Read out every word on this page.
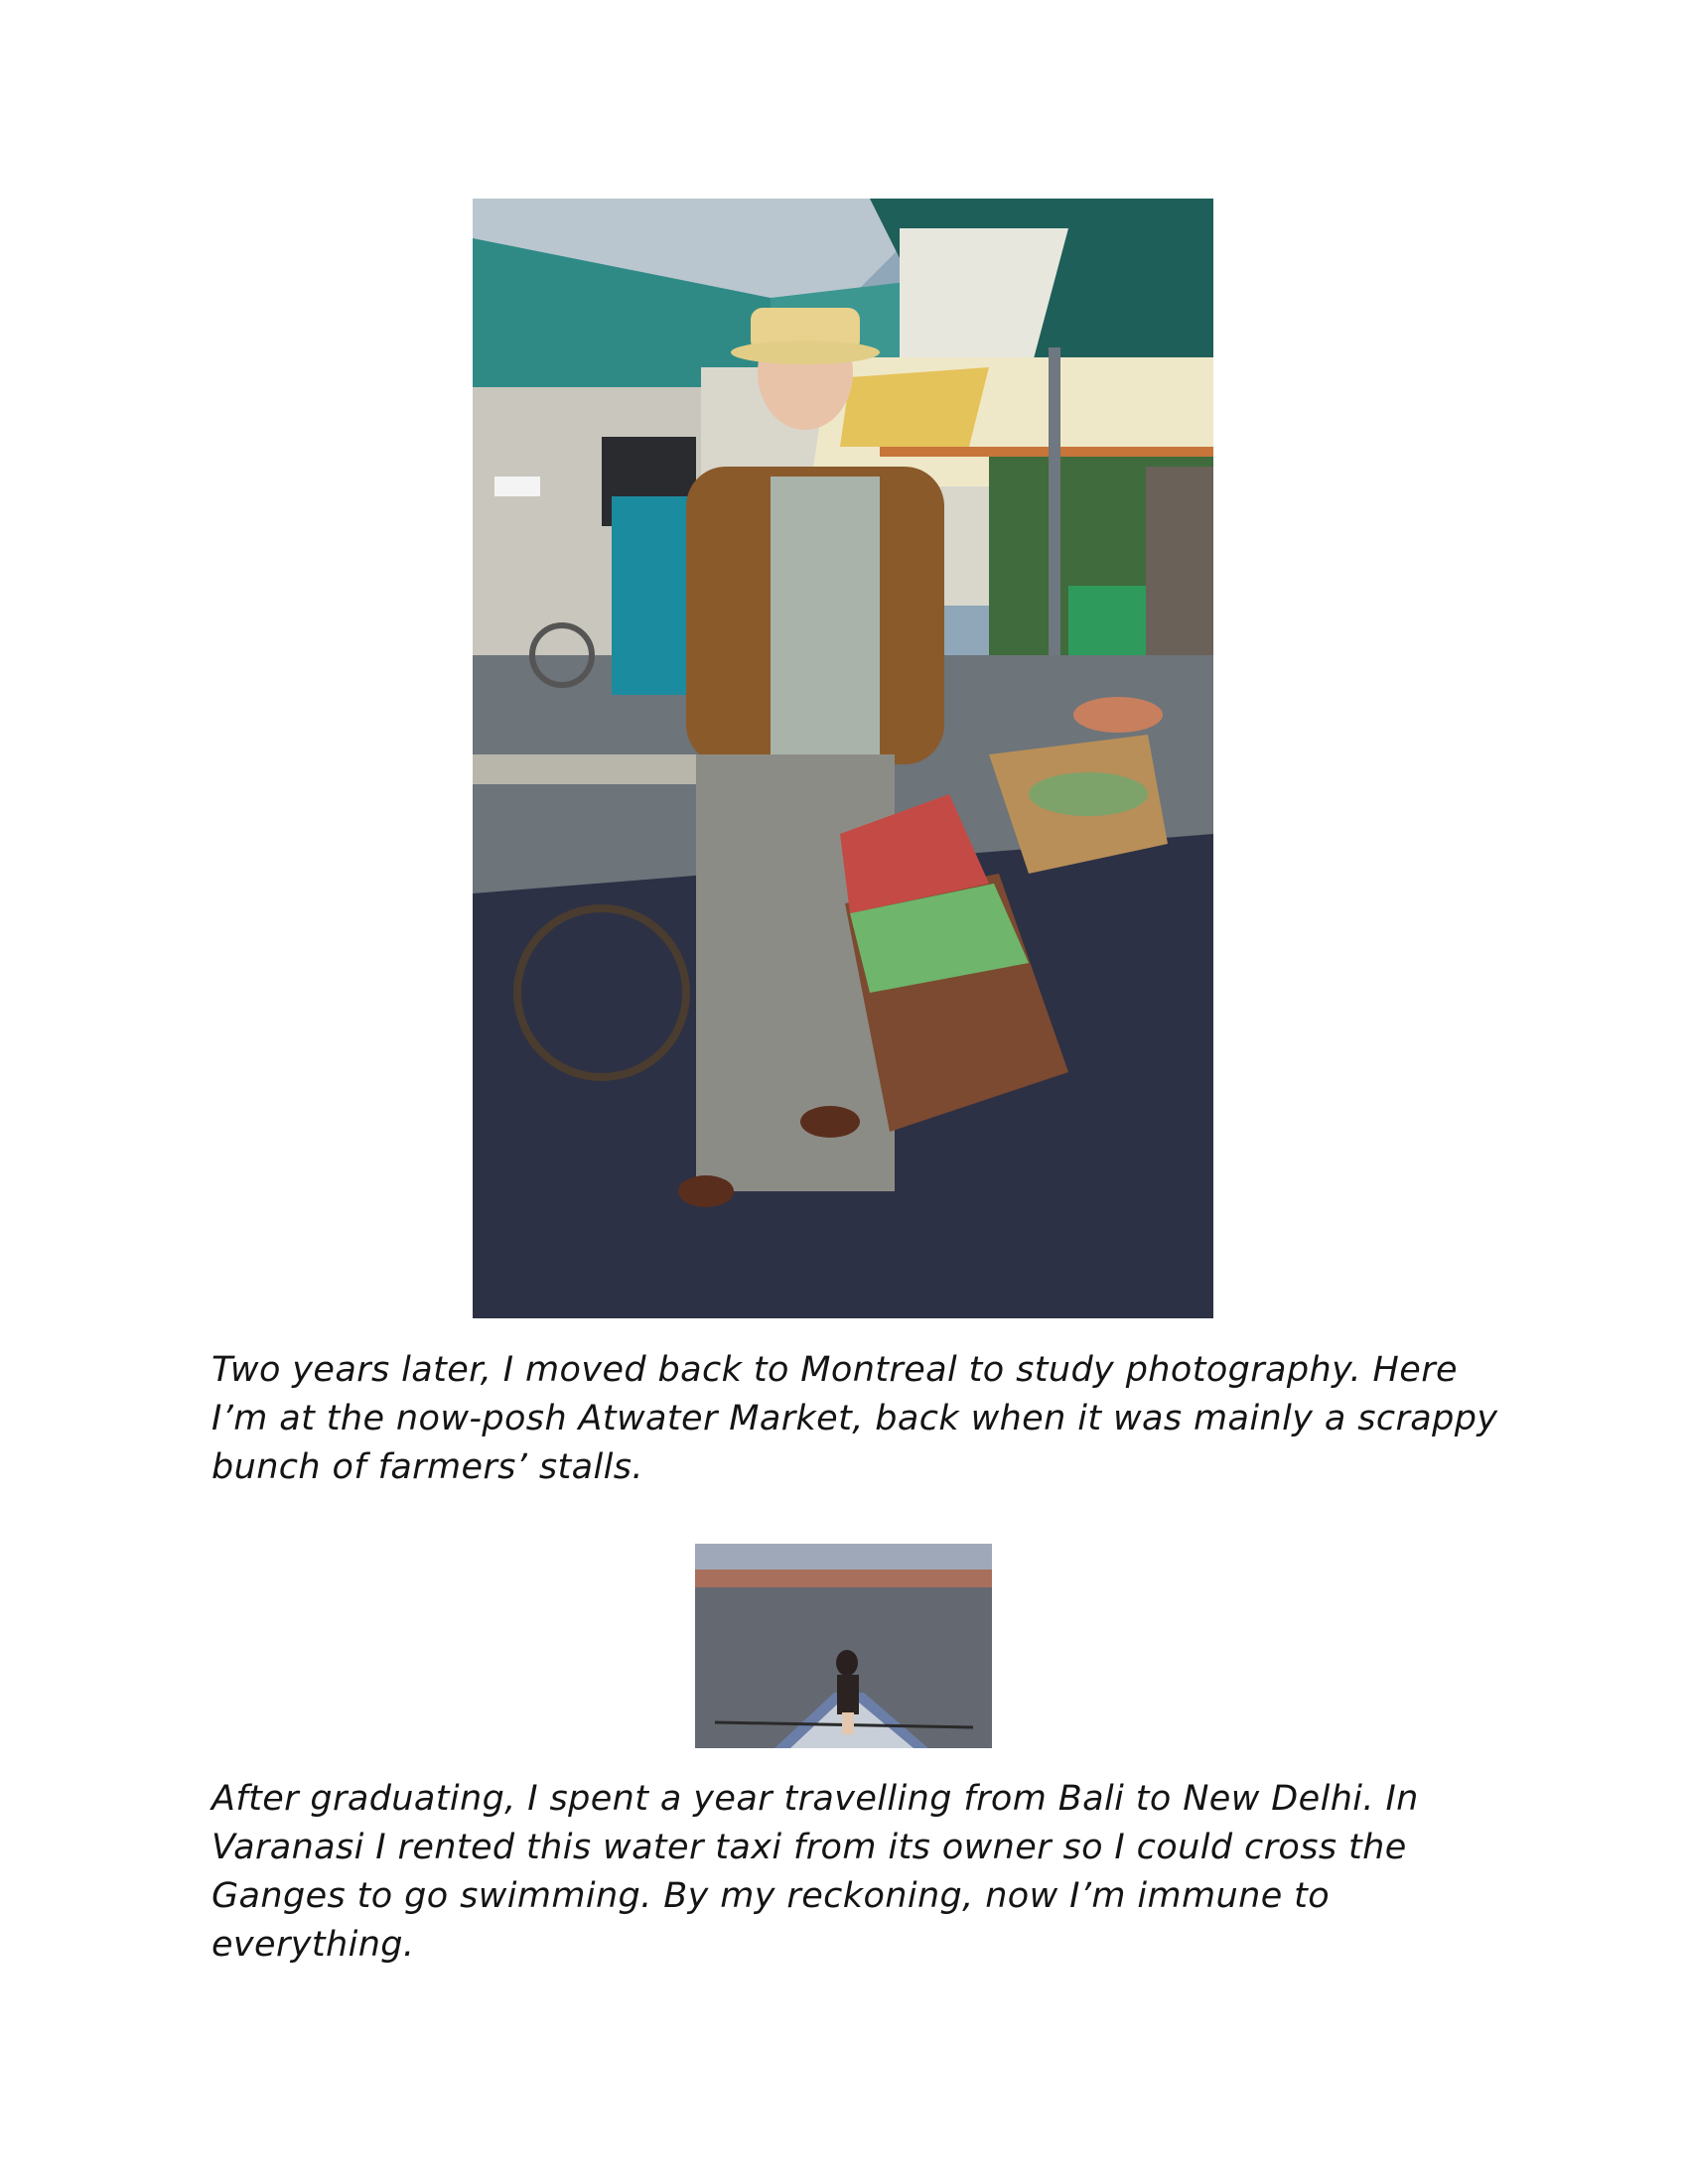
Two years later, I moved back to Montreal to study photography. Here I’m at the now-posh Atwater Market, back when it was mainly a scrappy bunch of farmers’ stalls.

After graduating, I spent a year travelling from Bali to New Delhi. In Varanasi I rented this water taxi from its owner so I could cross the Ganges to go swimming. By my reckoning, now I’m immune to everything.
